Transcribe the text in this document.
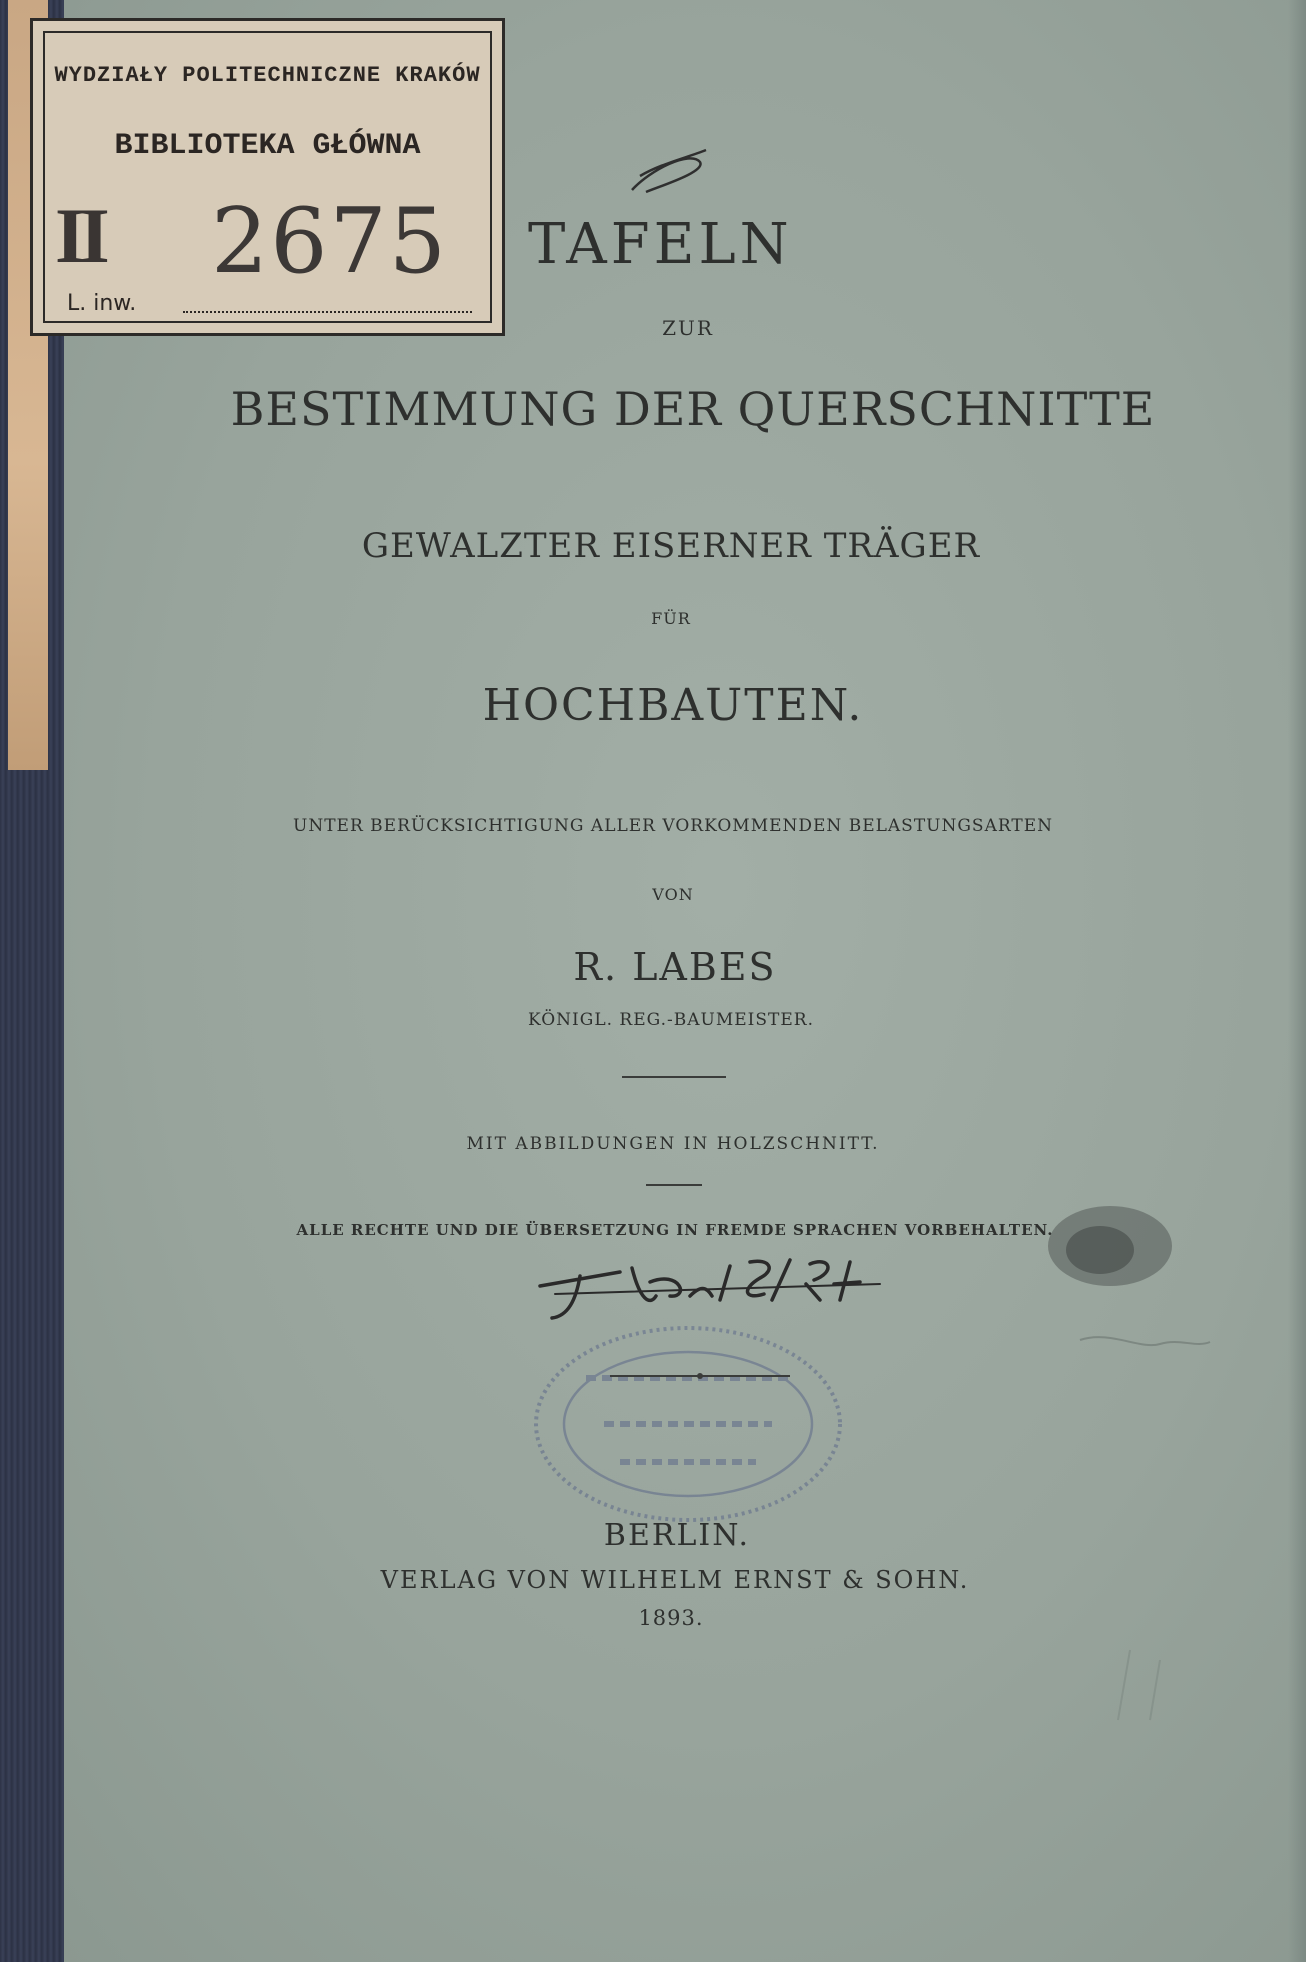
WYDZIAŁY POLITECHNICZNE KRAKÓW
BIBLIOTEKA GŁÓWNA
II 2675
L. inw.

TAFELN

ZUR

BESTIMMUNG DER QUERSCHNITTE

GEWALZTER EISERNER TRÄGER

FÜR

HOCHBAUTEN.

UNTER BERÜCKSICHTIGUNG ALLER VORKOMMENDEN BELASTUNGSARTEN

VON

R. LABES

KÖNIGL. REG.-BAUMEISTER.

MIT ABBILDUNGEN IN HOLZSCHNITT.

ALLE RECHTE UND DIE ÜBERSETZUNG IN FREMDE SPRACHEN VORBEHALTEN.

BERLIN.

VERLAG VON WILHELM ERNST & SOHN.

1893.
